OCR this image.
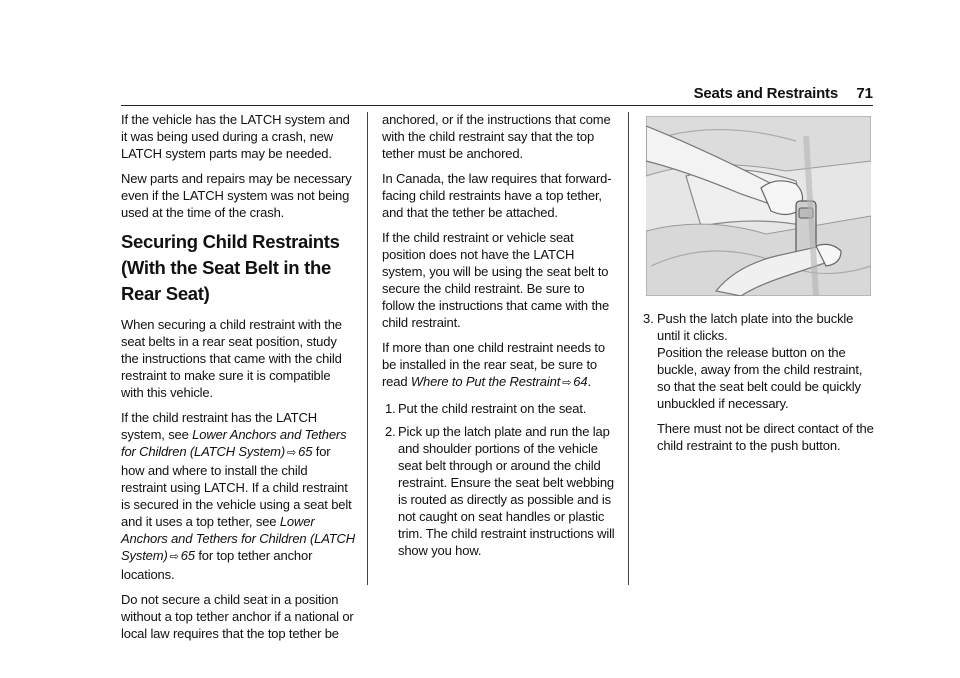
Seats and Restraints 71

If the vehicle has the LATCH system and it was being used during a crash, new LATCH system parts may be needed.

New parts and repairs may be necessary even if the LATCH system was not being used at the time of the crash.

Securing Child Restraints (With the Seat Belt in the Rear Seat)

When securing a child restraint with the seat belts in a rear seat position, study the instructions that came with the child restraint to make sure it is compatible with this vehicle.

If the child restraint has the LATCH system, see Lower Anchors and Tethers for Children (LATCH System) ⇨ 65 for how and where to install the child restraint using LATCH. If a child restraint is secured in the vehicle using a seat belt and it uses a top tether, see Lower Anchors and Tethers for Children (LATCH System) ⇨ 65 for top tether anchor locations.

Do not secure a child seat in a position without a top tether anchor if a national or local law requires that the top tether be

anchored, or if the instructions that come with the child restraint say that the top tether must be anchored.

In Canada, the law requires that forward-facing child restraints have a top tether, and that the tether be attached.

If the child restraint or vehicle seat position does not have the LATCH system, you will be using the seat belt to secure the child restraint. Be sure to follow the instructions that came with the child restraint.

If more than one child restraint needs to be installed in the rear seat, be sure to read Where to Put the Restraint ⇨ 64.

1. Put the child restraint on the seat.
2. Pick up the latch plate and run the lap and shoulder portions of the vehicle seat belt through or around the child restraint. Ensure the seat belt webbing is routed as directly as possible and is not caught on seat handles or plastic trim. The child restraint instructions will show you how.
3. Push the latch plate into the buckle until it clicks.

Position the release button on the buckle, away from the child restraint, so that the seat belt could be quickly unbuckled if necessary.

There must not be direct contact of the child restraint to the push button.
